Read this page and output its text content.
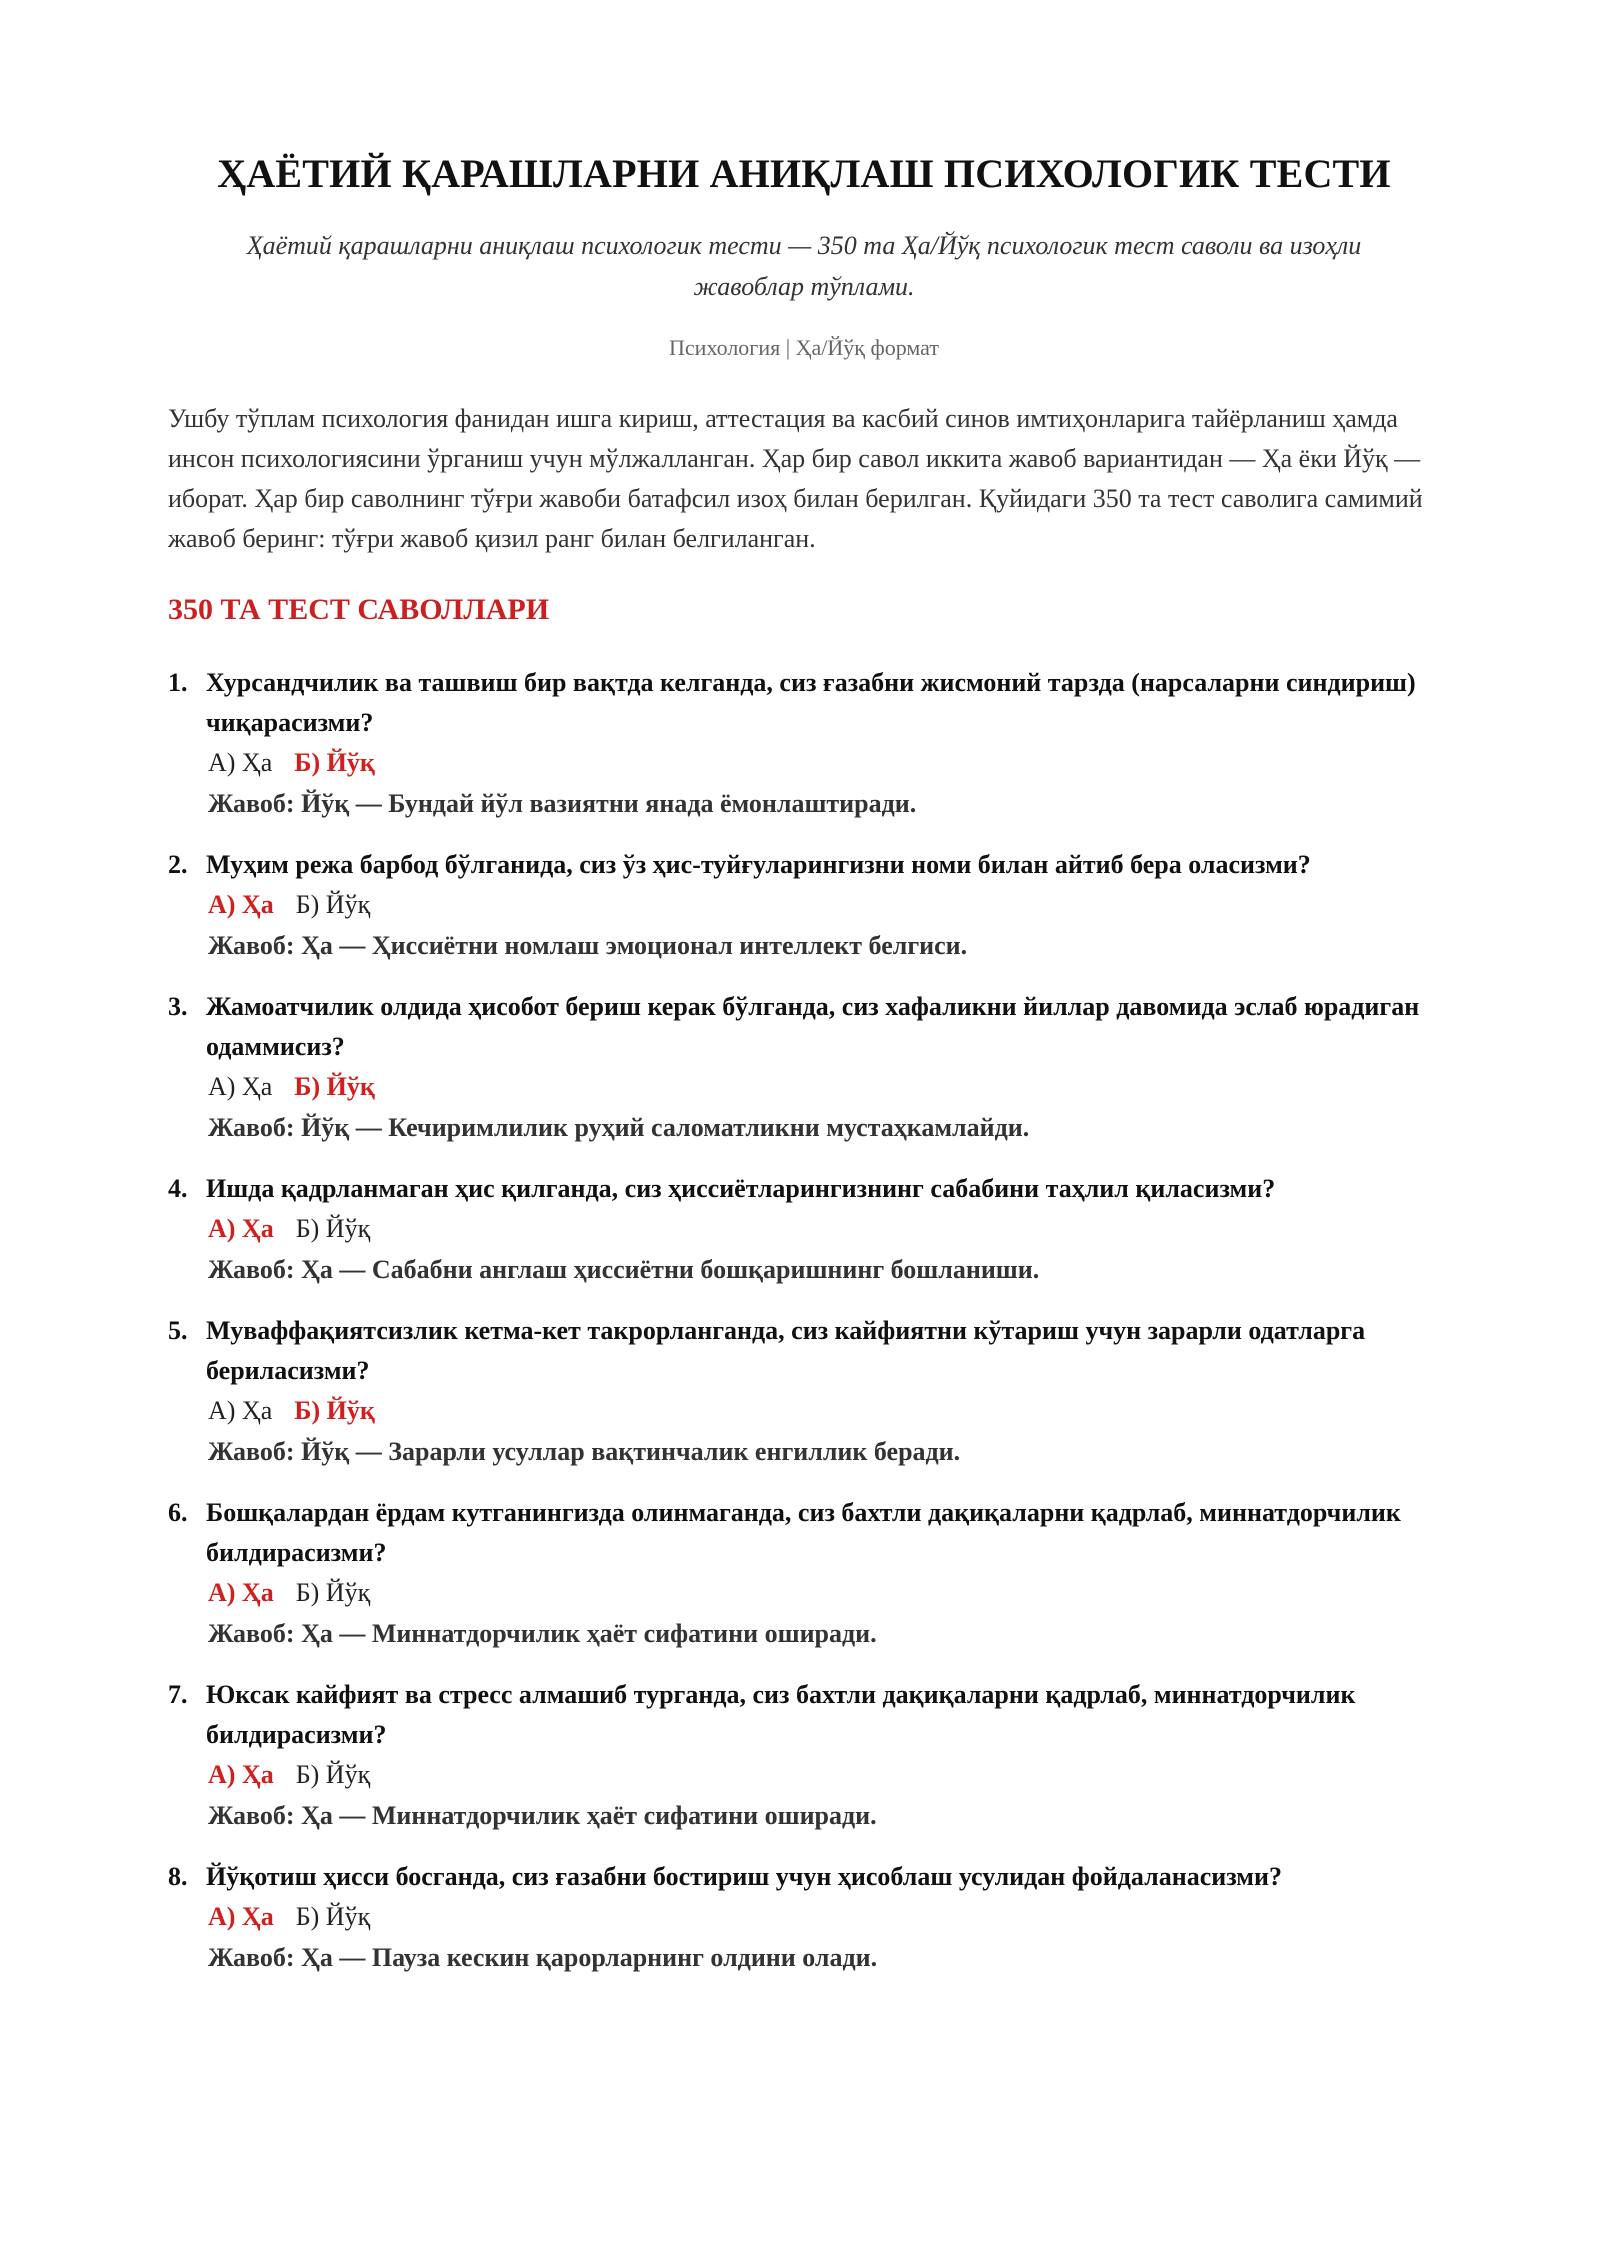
ҲАЁТИЙ ҚАРАШЛАРНИ АНИҚЛАШ ПСИХОЛОГИК ТЕСТИ
Ҳаётий қарашларни аниқлаш психологик тести — 350 та Ҳа/Йўқ психологик тест саволи ва изоҳли жавоблар тўплами.
Психология | Ҳа/Йўқ формат
Ушбу тўплам психология фанидан ишга кириш, аттестация ва касбий синов имтиҳонларига тайёрланиш ҳамда инсон психологиясини ўрганиш учун мўлжалланган. Ҳар бир савол иккита жавоб вариантидан — Ҳа ёки Йўқ — иборат. Ҳар бир саволнинг тўғри жавоби батафсил изоҳ билан берилган. Қуйидаги 350 та тест саволига самимий жавоб беринг: тўғри жавоб қизил ранг билан белгиланган.
350 ТА ТЕСТ САВОЛЛАРИ
1. Хурсандчилик ва ташвиш бир вақтда келганда, сиз ғазабни жисмоний тарзда (нарсаларни синдириш) чиқарасизми?
А) Ҳа Б) Йўқ
Жавоб: Йўқ — Бундай йўл вазиятни янада ёмонлаштиради.
2. Муҳим режа барбод бўлганида, сиз ўз ҳис-туйғуларингизни номи билан айтиб бера оласизми?
А) Ҳа Б) Йўқ
Жавоб: Ҳа — Ҳиссиётни номлаш эмоционал интеллект белгиси.
3. Жамоатчилик олдида ҳисобот бериш керак бўлганда, сиз хафаликни йиллар давомида эслаб юрадиган одаммисиз?
А) Ҳа Б) Йўқ
Жавоб: Йўқ — Кечиримлилик руҳий саломатликни мустаҳкамлайди.
4. Ишда қадрланмаган ҳис қилганда, сиз ҳиссиётларингизнинг сабабини таҳлил қиласизми?
А) Ҳа Б) Йўқ
Жавоб: Ҳа — Сабабни англаш ҳиссиётни бошқаришнинг бошланиши.
5. Муваффақиятсизлик кетма-кет такрорланганда, сиз кайфиятни кўтариш учун зарарли одатларга бериласизми?
А) Ҳа Б) Йўқ
Жавоб: Йўқ — Зарарли усуллар вақтинчалик енгиллик беради.
6. Бошқалардан ёрдам кутганингизда олинмаганда, сиз бахтли дақиқаларни қадрлаб, миннатдорчилик билдирасизми?
А) Ҳа Б) Йўқ
Жавоб: Ҳа — Миннатдорчилик ҳаёт сифатини оширади.
7. Юксак кайфият ва стресс алмашиб турганда, сиз бахтли дақиқаларни қадрлаб, миннатдорчилик билдирасизми?
А) Ҳа Б) Йўқ
Жавоб: Ҳа — Миннатдорчилик ҳаёт сифатини оширади.
8. Йўқотиш ҳисси босганда, сиз ғазабни бостириш учун ҳисоблаш усулидан фойдаланасизми?
А) Ҳа Б) Йўқ
Жавоб: Ҳа — Пауза кескин қарорларнинг олдини олади.
